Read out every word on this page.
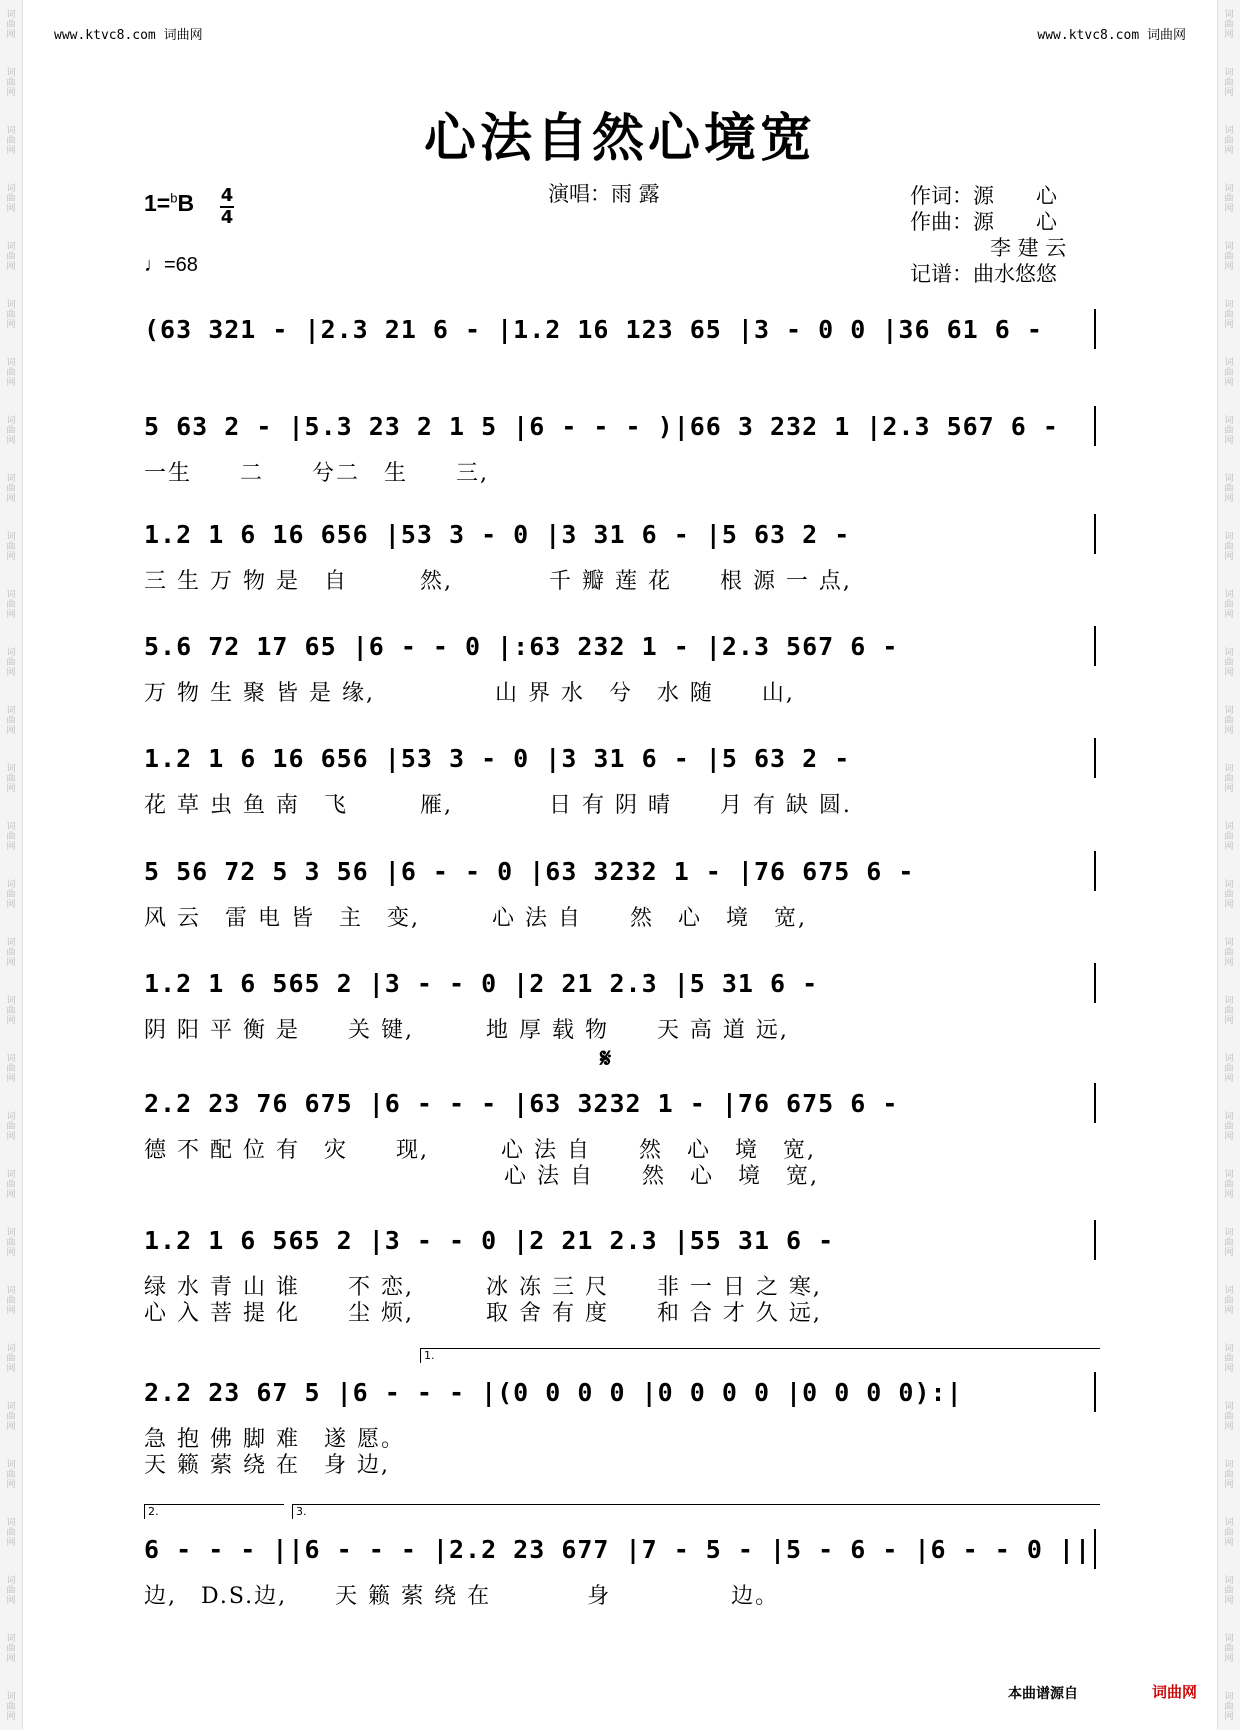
词曲网
词曲网
词曲网
词曲网
词曲网
词曲网
词曲网
词曲网
词曲网
词曲网
词曲网
词曲网
词曲网
词曲网
词曲网
词曲网
词曲网
词曲网
词曲网
词曲网
词曲网
词曲网
词曲网
词曲网
词曲网
词曲网
词曲网
词曲网
词曲网
词曲网
词曲网
词曲网
词曲网
词曲网
词曲网
词曲网
词曲网
词曲网
词曲网
词曲网
词曲网
词曲网
词曲网
词曲网
词曲网
词曲网
词曲网
词曲网
词曲网
词曲网
词曲网
词曲网
词曲网
词曲网
词曲网
词曲网
词曲网
词曲网
词曲网
词曲网
www.ktvc8.com 词曲网	www.ktvc8.com 词曲网
心法自然心境宽
1=$^b$B 4
4
♩=68
演唱：雨 露	作词：源　　心
作曲：源　　心
李 建 云
记谱：曲水悠悠
(63 321 - |2.3 21 6 - |1.2 16 123 65 |3 - 0 0 |36 61 6 -
5 63 2 - |5.3 23 2 1 5 |6 - - - )|66 3 232 1 |2.3 567 6 -
一生　　二　　兮二　生　　三,
1.2 1 6 16 656 |53 3 - 0 |3 31 6 - |5 63 2 -
三 生 万 物 是　自　　　然,　　　　千 瓣 莲 花　　根 源 一 点,
5.6 72 17 65 |6 - - 0 |:63 232 1 - |2.3 567 6 -
万 物 生 聚 皆 是 缘,　　　　　山 界 水　兮　水 随　　山,
1.2 1 6 16 656 |53 3 - 0 |3 31 6 - |5 63 2 -
花 草 虫 鱼 南　飞　　　雁,　　　　日 有 阴 晴　　月 有 缺 圆.
5 56 72 5 3 56 |6 - - 0 |63 3232 1 - |76 675 6 -
风 云　雷 电 皆　主　变,　　　心 法 自　　然　心　境　宽,
1.2 1 6 565 2 |3 - - 0 |2 21 2.3 |5 31 6 -
阴 阳 平 衡 是　　关 键,　　　地 厚 载 物　　天 高 道 远,
2.2 23 76 675 |6 - - - |63 3232 1 - |76 675 6 -
德 不 配 位 有　灾　　现,　　　心 法 自　　然　心　境　宽,
　　　　　　　　　　　　　　　心 法 自　　然　心　境　宽,
1.2 1 6 565 2 |3 - - 0 |2 21 2.3 |55 31 6 -
绿 水 青 山 谁　　不 恋,　　　冰 冻 三 尺　　非 一 日 之 寒,
心 入 菩 提 化　　尘 烦,　　　取 舍 有 度　　和 合 才 久 远,
2.2 23 67 5 |6 - - - |(0 0 0 0 |0 0 0 0 |0 0 0 0):|
急 抱 佛 脚 难　遂 愿。
天 籁 萦 绕 在　身 边,
6 - - - ||6 - - - |2.2 23 677 |7 - 5 - |5 - 6 - |6 - - 0 ||
边,　D.S.边,　　天 籁 萦 绕 在　　　　身　　　　　边。
𝄋
1.
2.	3.
本曲谱源自	词曲网
